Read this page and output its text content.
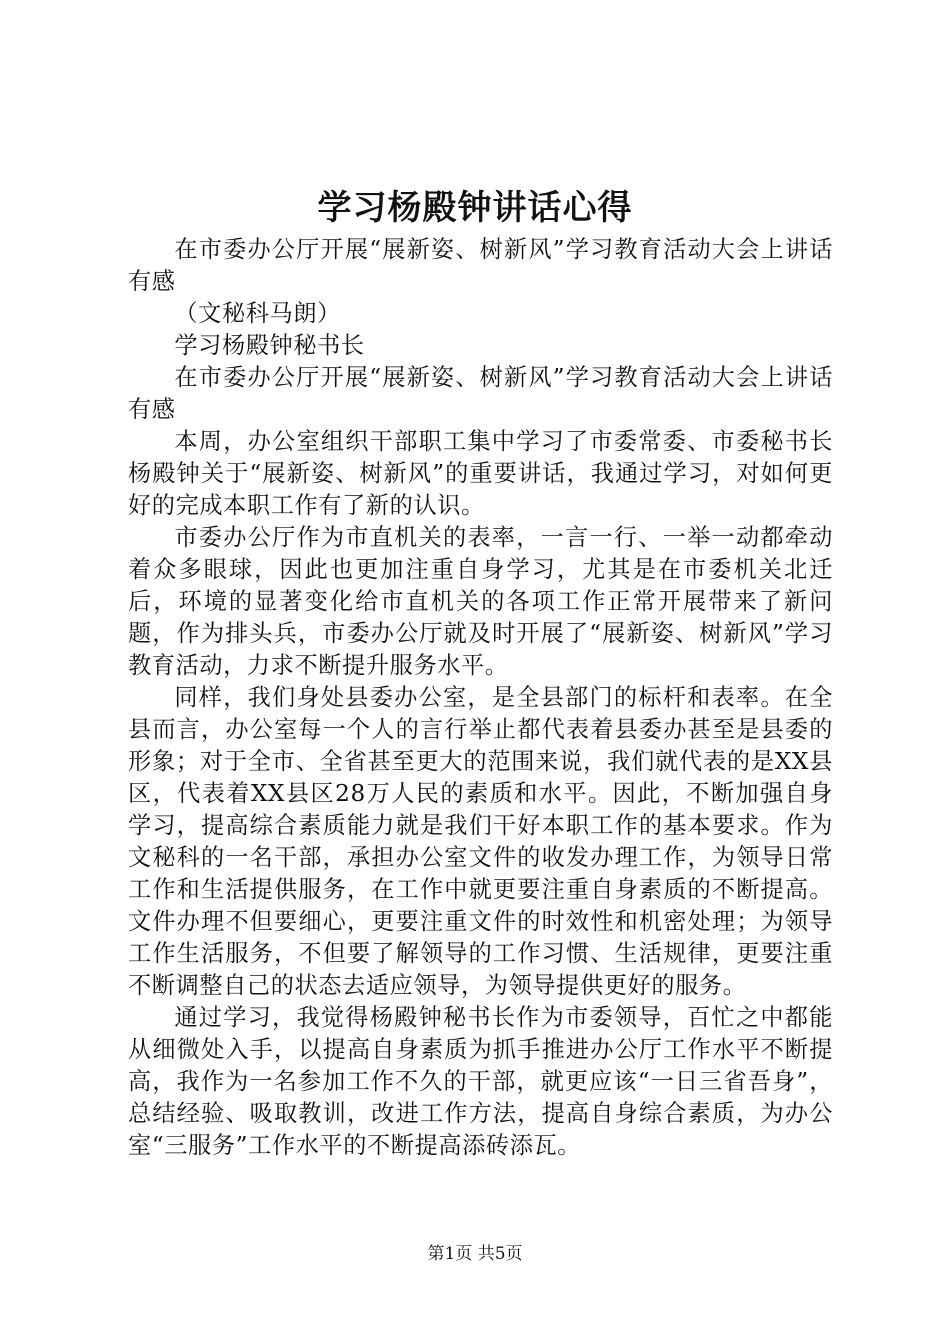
学习杨殿钟讲话心得

在市委办公厅开展“展新姿、树新风”学习教育活动大会上讲话有感

（文秘科马朗）

学习杨殿钟秘书长

在市委办公厅开展“展新姿、树新风”学习教育活动大会上讲话有感

本周，办公室组织干部职工集中学习了市委常委、市委秘书长杨殿钟关于“展新姿、树新风”的重要讲话，我通过学习，对如何更好的完成本职工作有了新的认识。

市委办公厅作为市直机关的表率，一言一行、一举一动都牵动着众多眼球，因此也更加注重自身学习，尤其是在市委机关北迁后，环境的显著变化给市直机关的各项工作正常开展带来了新问题，作为排头兵，市委办公厅就及时开展了“展新姿、树新风”学习教育活动，力求不断提升服务水平。

同样，我们身处县委办公室，是全县部门的标杆和表率。在全县而言，办公室每一个人的言行举止都代表着县委办甚至是县委的形象；对于全市、全省甚至更大的范围来说，我们就代表的是XX县区，代表着XX县区28万人民的素质和水平。因此，不断加强自身学习，提高综合素质能力就是我们干好本职工作的基本要求。作为文秘科的一名干部，承担办公室文件的收发办理工作，为领导日常工作和生活提供服务，在工作中就更要注重自身素质的不断提高。文件办理不但要细心，更要注重文件的时效性和机密处理；为领导工作生活服务，不但要了解领导的工作习惯、生活规律，更要注重不断调整自己的状态去适应领导，为领导提供更好的服务。

通过学习，我觉得杨殿钟秘书长作为市委领导，百忙之中都能从细微处入手，以提高自身素质为抓手推进办公厅工作水平不断提高，我作为一名参加工作不久的干部，就更应该“一日三省吾身”，总结经验、吸取教训，改进工作方法，提高自身综合素质，为办公室“三服务”工作水平的不断提高添砖添瓦。

第1页 共5页
